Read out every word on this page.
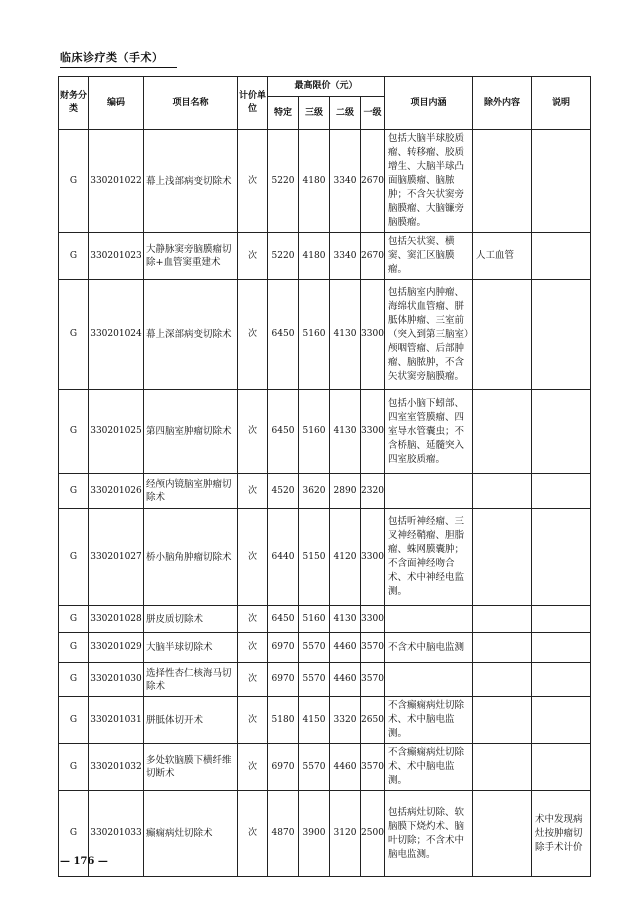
临床诊疗类（手术）
财务分类	编码	项目名称	计价单位	最高限价（元）				项目内涵	除外内容	说明
				特定	三级	二级	一级			
G	330201022	幕上浅部病变切除术	次	5220	4180	3340	2670	包括大脑半球胶质瘤、转移瘤、胶质增生、大脑半球凸面脑膜瘤、脑脓肿；不含矢状窦旁脑膜瘤、大脑镰旁脑膜瘤。		
G	330201023	大静脉窦旁脑膜瘤切除+血管窦重建术	次	5220	4180	3340	2670	包括矢状窦、横窦、窦汇区脑膜瘤。	人工血管	
G	330201024	幕上深部病变切除术	次	6450	5160	4130	3300	包括脑室内肿瘤、海绵状血管瘤、胼胝体肿瘤、三室前（突入到第三脑室）颅咽管瘤、后部肿瘤、脑脓肿，不含矢状窦旁脑膜瘤。		
G	330201025	第四脑室肿瘤切除术	次	6450	5160	4130	3300	包括小脑下蚓部、四室室管膜瘤、四室导水管囊虫；不含桥脑、延髓突入四室胶质瘤。		
G	330201026	经颅内镜脑室肿瘤切除术	次	4520	3620	2890	2320			
G	330201027	桥小脑角肿瘤切除术	次	6440	5150	4120	3300	包括听神经瘤、三叉神经鞘瘤、胆脂瘤、蛛网膜囊肿；不含面神经吻合术、术中神经电监测。		
G	330201028	胼皮质切除术	次	6450	5160	4130	3300			
G	330201029	大脑半球切除术	次	6970	5570	4460	3570	不含术中脑电监测		
G	330201030	选择性杏仁核海马切除术	次	6970	5570	4460	3570			
G	330201031	胼胝体切开术	次	5180	4150	3320	2650	不含癫痫病灶切除术、术中脑电监测。		
G	330201032	多处软脑膜下横纤维切断术	次	6970	5570	4460	3570	不含癫痫病灶切除术、术中脑电监测。		
G	330201033	癫痫病灶切除术	次	4870	3900	3120	2500	包括病灶切除、软脑膜下烧灼术、脑叶切除；不含术中脑电监测。		术中发现病灶按肿瘤切除手术计价
— 176 —
